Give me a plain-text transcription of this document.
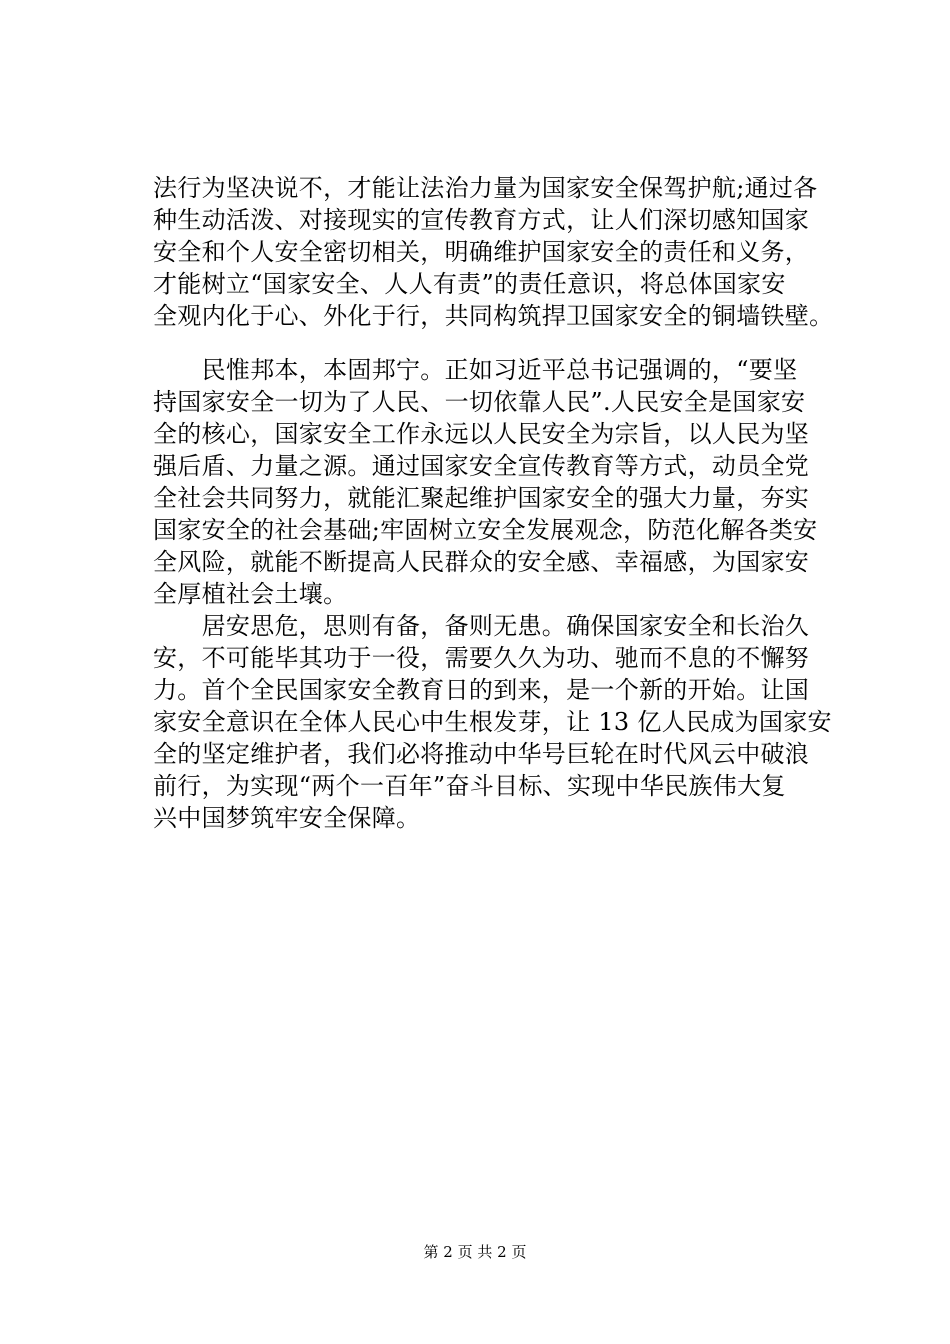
法行为坚决说不，才能让法治力量为国家安全保驾护航;通过各
种生动活泼、对接现实的宣传教育方式，让人们深切感知国家
安全和个人安全密切相关，明确维护国家安全的责任和义务，
才能树立“国家安全、人人有责”的责任意识，将总体国家安
全观内化于心、外化于行，共同构筑捍卫国家安全的铜墙铁壁。
　　民惟邦本，本固邦宁。正如习近平总书记强调的，“要坚
持国家安全一切为了人民、一切依靠人民”.人民安全是国家安
全的核心，国家安全工作永远以人民安全为宗旨，以人民为坚
强后盾、力量之源。通过国家安全宣传教育等方式，动员全党
全社会共同努力，就能汇聚起维护国家安全的强大力量，夯实
国家安全的社会基础;牢固树立安全发展观念，防范化解各类安
全风险，就能不断提高人民群众的安全感、幸福感，为国家安
全厚植社会土壤。
　　居安思危，思则有备，备则无患。确保国家安全和长治久
安，不可能毕其功于一役，需要久久为功、驰而不息的不懈努
力。首个全民国家安全教育日的到来，是一个新的开始。让国
家安全意识在全体人民心中生根发芽，让 13 亿人民成为国家安
全的坚定维护者，我们必将推动中华号巨轮在时代风云中破浪
前行，为实现“两个一百年”奋斗目标、实现中华民族伟大复
兴中国梦筑牢安全保障。
第 2 页 共 2 页
